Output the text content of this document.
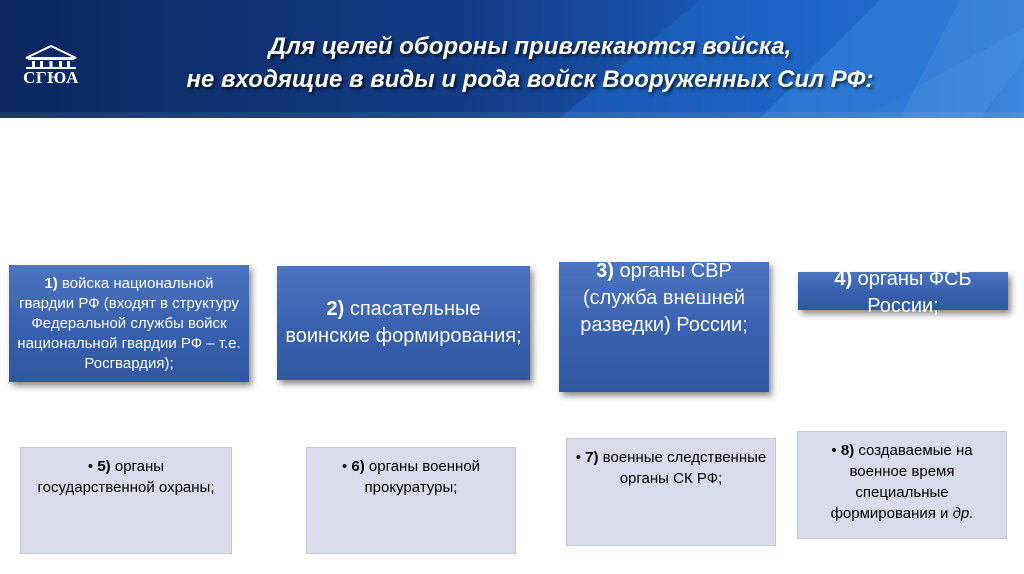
СГЮА
Для целей обороны привлекаются войска,
не входящие в виды и рода войск Вооруженных Сил РФ:
1) войска национальной гвардии РФ (входят в структуру Федеральной службы войск национальной гвардии РФ – т.е. Росгвардия);
2) спасательные воинские формирования;
3) органы СВР (служба внешней разведки) России;
4) органы ФСБ России;
• 5) органы государственной охраны;
• 6) органы военной прокуратуры;
• 7) военные следственные органы СК РФ;
• 8) создаваемые на военное время специальные формирования и др.
